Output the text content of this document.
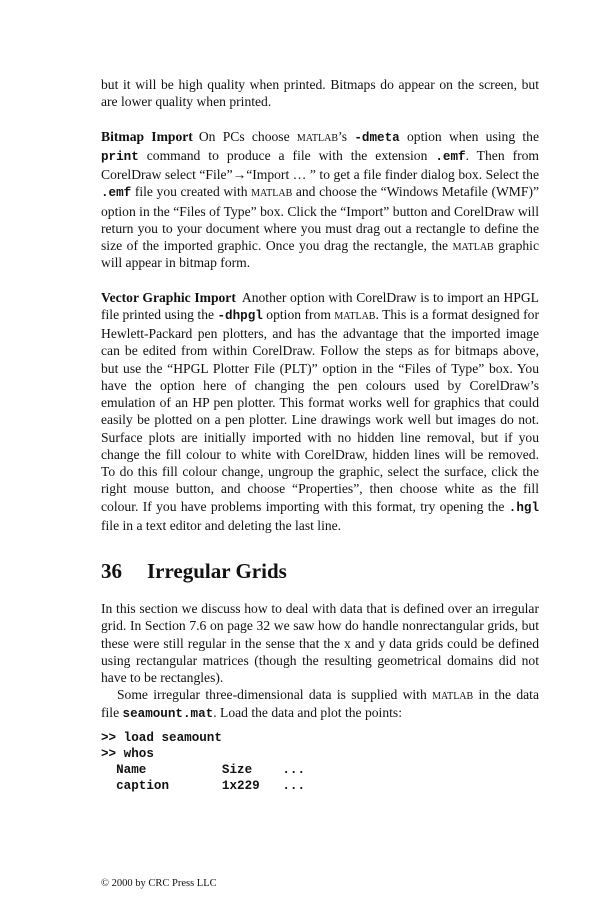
but it will be high quality when printed. Bitmaps do appear on the screen, but are lower quality when printed.

Bitmap Import On PCs choose matlab’s -dmeta option when using the print command to produce a file with the extension .emf. Then from CorelDraw select “File”→“Import … ” to get a file finder dialog box. Select the .emf file you created with matlab and choose the “Windows Metafile (WMF)” option in the “Files of Type” box. Click the “Import” button and CorelDraw will return you to your document where you must drag out a rectangle to define the size of the imported graphic. Once you drag the rectangle, the matlab graphic will appear in bitmap form.

Vector Graphic Import Another option with CorelDraw is to import an HPGL file printed using the -dhpgl option from matlab. This is a format designed for Hewlett-Packard pen plotters, and has the advantage that the imported image can be edited from within CorelDraw. Follow the steps as for bitmaps above, but use the “HPGL Plotter File (PLT)” option in the “Files of Type” box. You have the option here of changing the pen colours used by CorelDraw’s emulation of an HP pen plotter. This format works well for graphics that could easily be plotted on a pen plotter. Line drawings work well but images do not. Surface plots are initially imported with no hidden line removal, but if you change the fill colour to white with CorelDraw, hidden lines will be removed. To do this fill colour change, ungroup the graphic, select the surface, click the right mouse button, and choose “Properties”, then choose white as the fill colour. If you have problems importing with this format, try opening the .hgl file in a text editor and deleting the last line.

36 Irregular Grids

In this section we discuss how to deal with data that is defined over an irregular grid. In Section 7.6 on page 32 we saw how do handle nonrectangular grids, but these were still regular in the sense that the x and y data grids could be defined using rectangular matrices (though the resulting geometrical domains did not have to be rectangles).

Some irregular three-dimensional data is supplied with matlab in the data file seamount.mat. Load the data and plot the points:

>> load seamount
>> whos
Name          Size    ...
caption       1x229   ...
© 2000 by CRC Press LLC
